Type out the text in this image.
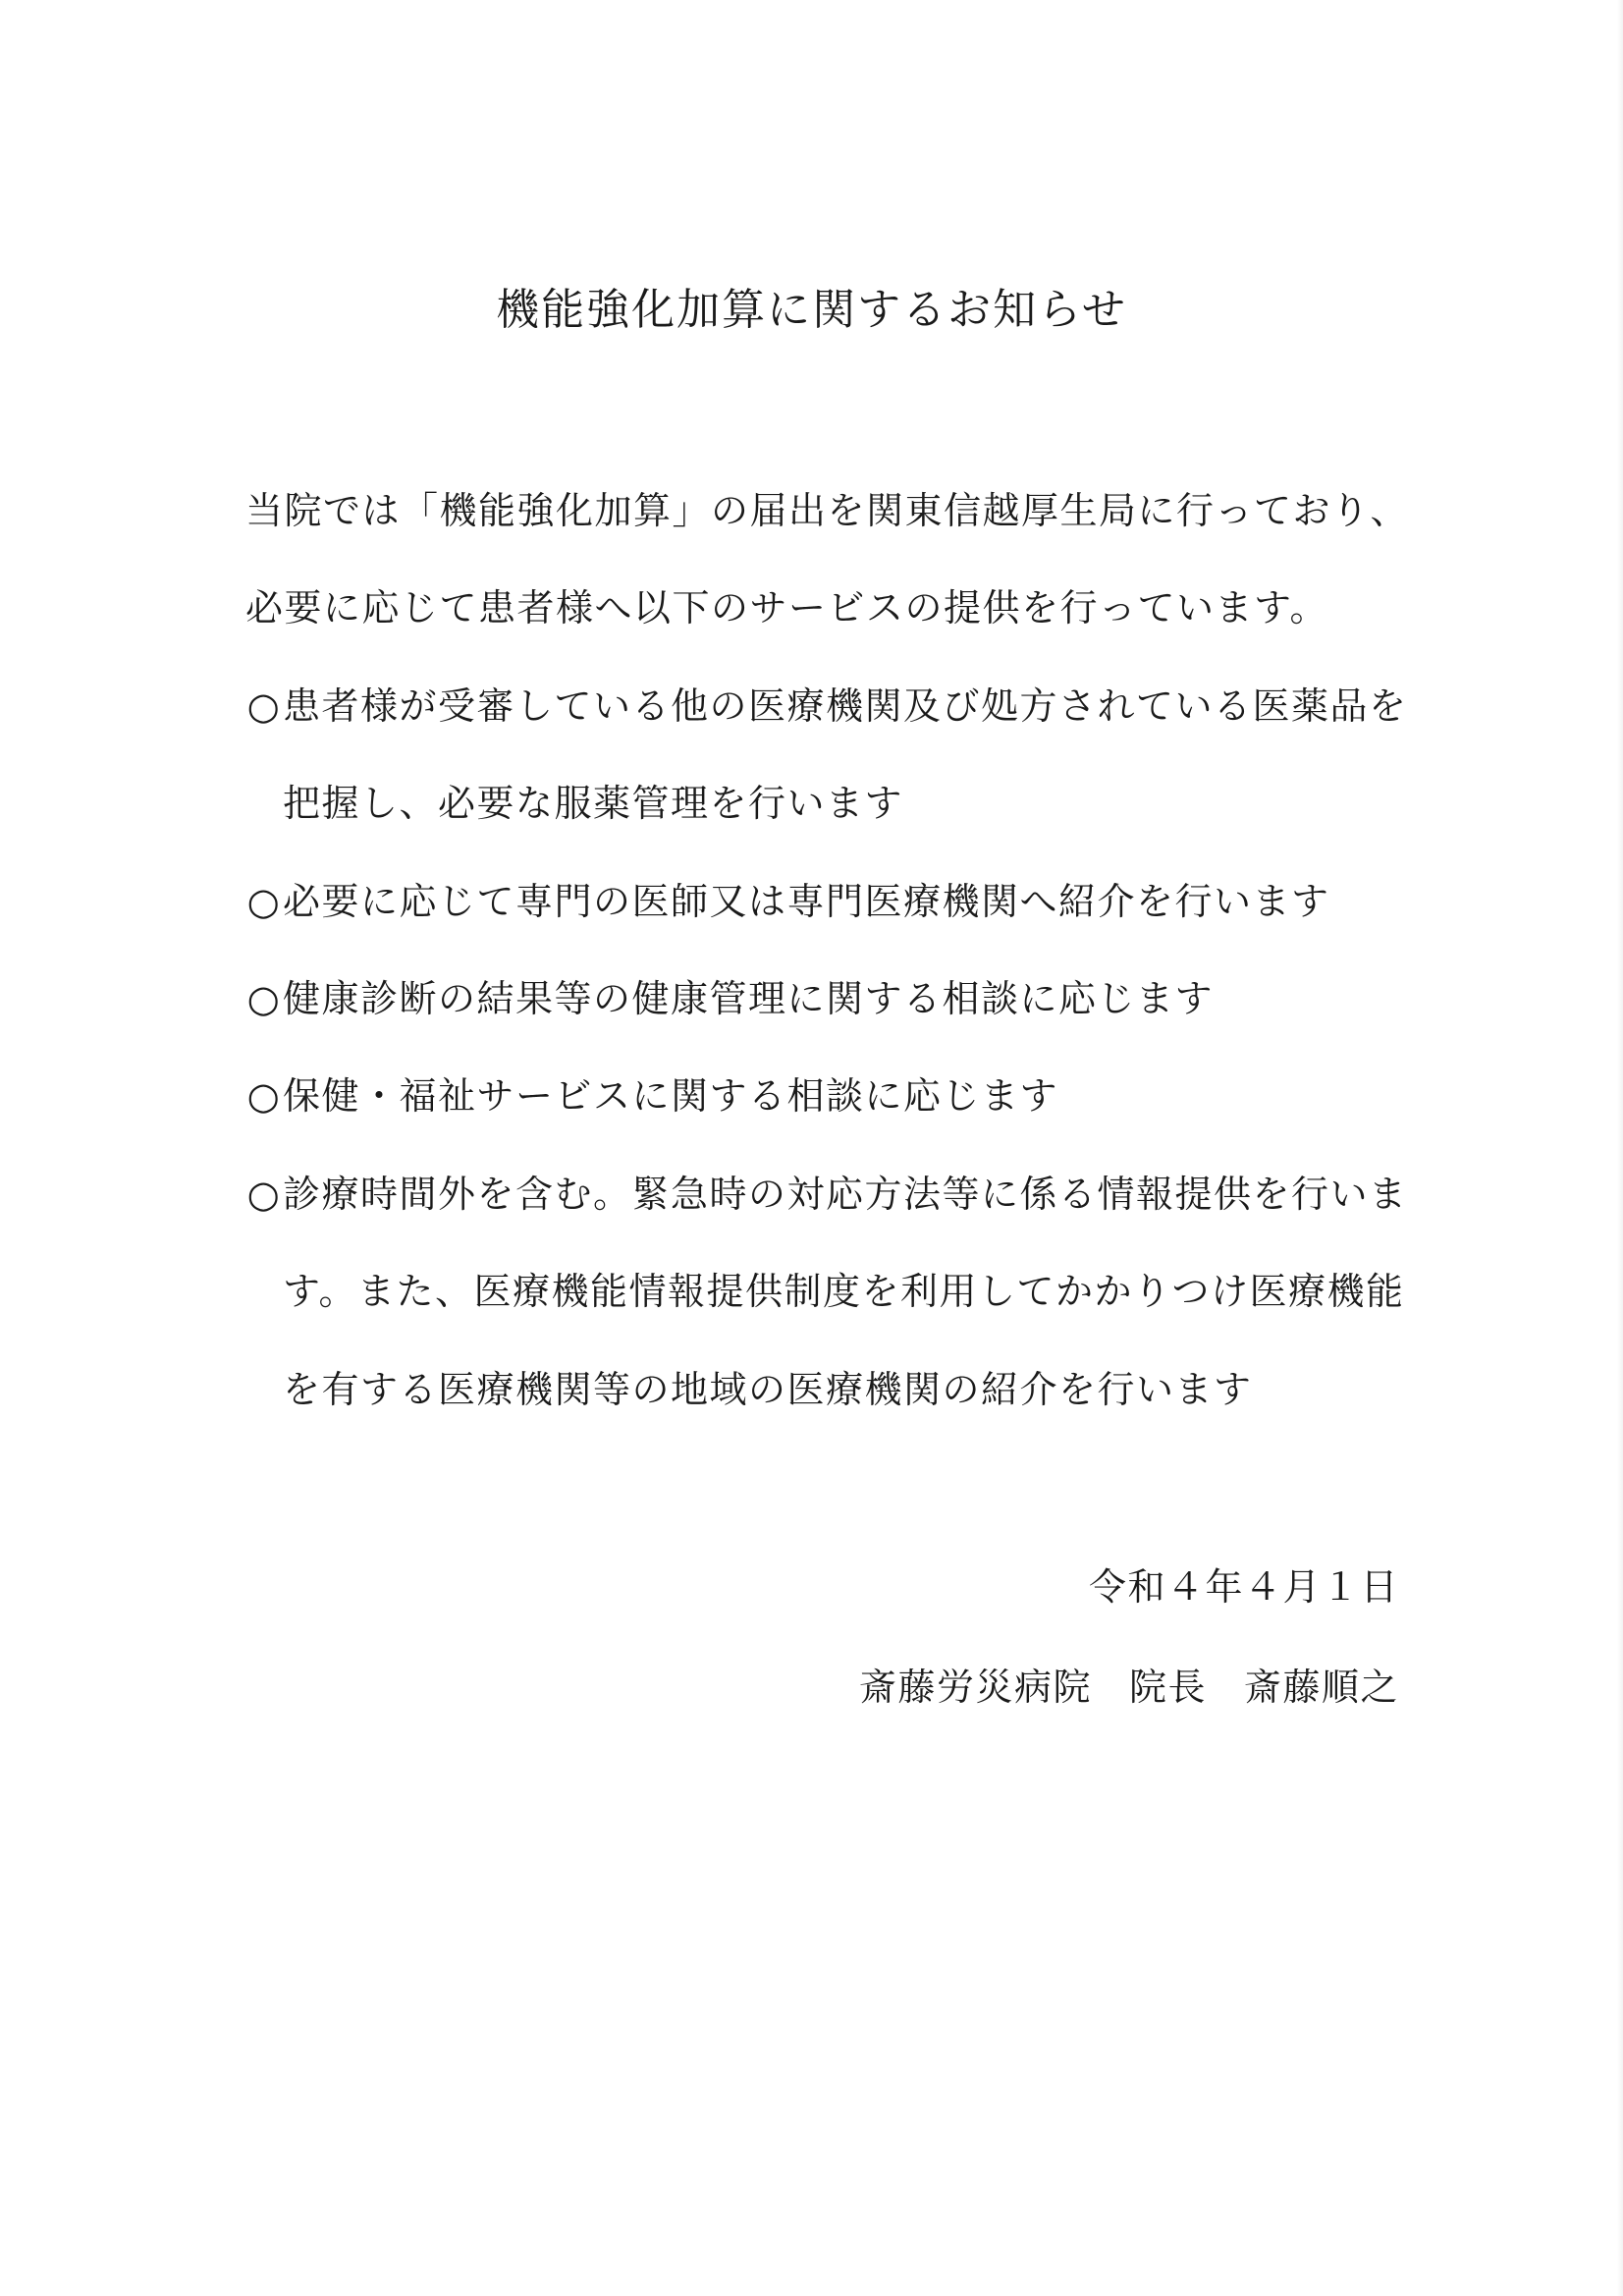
機能強化加算に関するお知らせ
当院では「機能強化加算」の届出を関東信越厚生局に行っており、
必要に応じて患者様へ以下のサービスの提供を行っています。
○患者様が受審している他の医療機関及び処方されている医薬品を
把握し、必要な服薬管理を行います
○必要に応じて専門の医師又は専門医療機関へ紹介を行います
○健康診断の結果等の健康管理に関する相談に応じます
○保健・福祉サービスに関する相談に応じます
○診療時間外を含む。緊急時の対応方法等に係る情報提供を行いま
す。また、医療機能情報提供制度を利用してかかりつけ医療機能
を有する医療機関等の地域の医療機関の紹介を行います
令和４年４月１日
斎藤労災病院 院長 斎藤順之
